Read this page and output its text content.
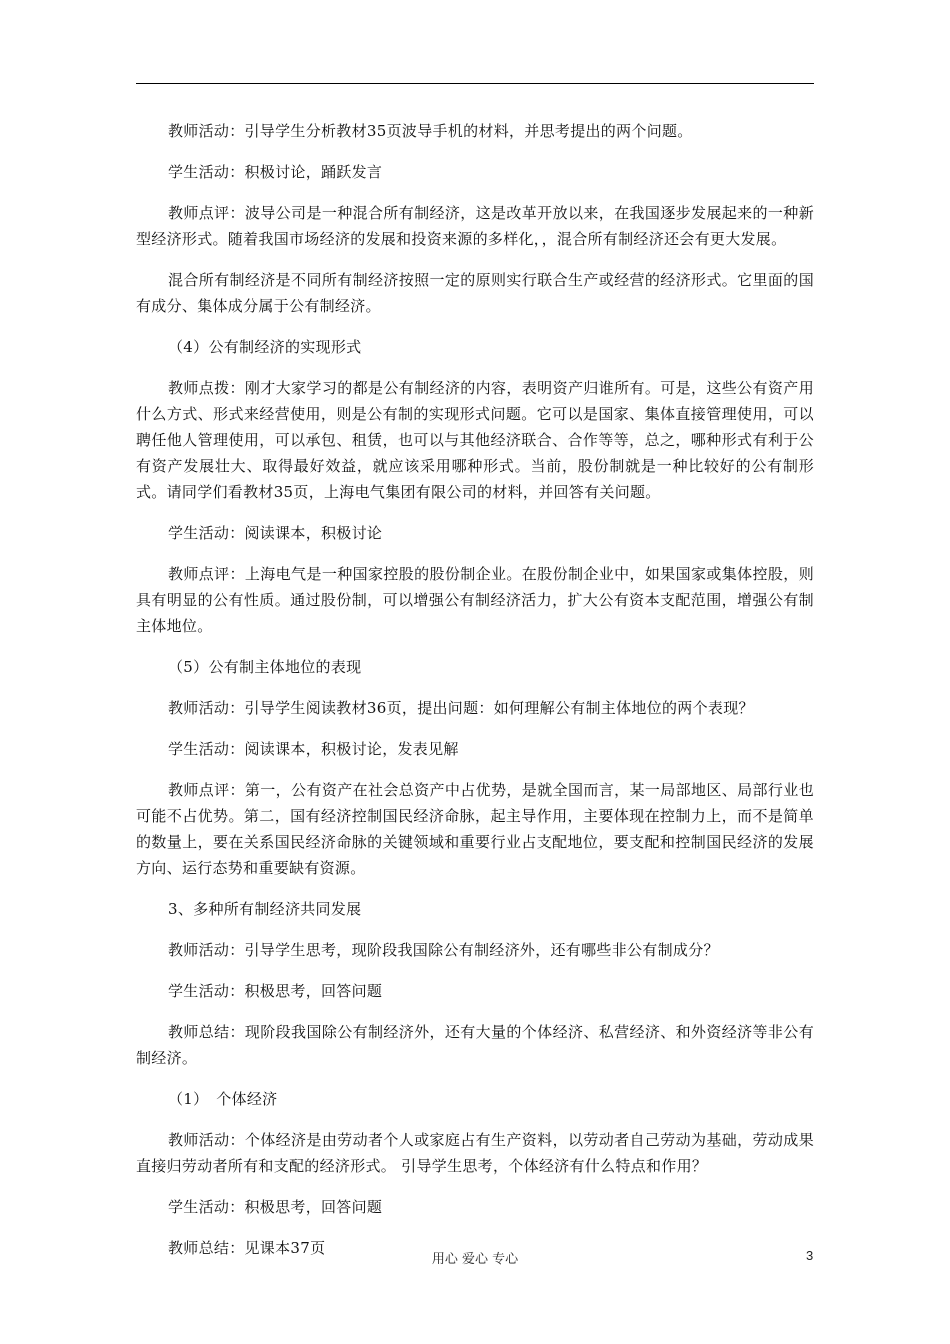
教师活动：引导学生分析教材35页波导手机的材料，并思考提出的两个问题。

学生活动：积极讨论，踊跃发言

教师点评：波导公司是一种混合所有制经济，这是改革开放以来，在我国逐步发展起来的一种新型经济形式。随着我国市场经济的发展和投资来源的多样化，，混合所有制经济还会有更大发展。

混合所有制经济是不同所有制经济按照一定的原则实行联合生产或经营的经济形式。它里面的国有成分、集体成分属于公有制经济。

（4）公有制经济的实现形式

教师点拨：刚才大家学习的都是公有制经济的内容，表明资产归谁所有。可是，这些公有资产用什么方式、形式来经营使用，则是公有制的实现形式问题。它可以是国家、集体直接管理使用，可以聘任他人管理使用，可以承包、租赁，也可以与其他经济联合、合作等等，总之，哪种形式有利于公有资产发展壮大、取得最好效益，就应该采用哪种形式。当前，股份制就是一种比较好的公有制形式。请同学们看教材35页，上海电气集团有限公司的材料，并回答有关问题。

学生活动：阅读课本，积极讨论

教师点评：上海电气是一种国家控股的股份制企业。在股份制企业中，如果国家或集体控股，则具有明显的公有性质。通过股份制，可以增强公有制经济活力，扩大公有资本支配范围，增强公有制主体地位。

（5）公有制主体地位的表现

教师活动：引导学生阅读教材36页，提出问题：如何理解公有制主体地位的两个表现？

学生活动：阅读课本，积极讨论，发表见解

教师点评：第一，公有资产在社会总资产中占优势，是就全国而言，某一局部地区、局部行业也可能不占优势。第二，国有经济控制国民经济命脉，起主导作用，主要体现在控制力上，而不是简单的数量上，要在关系国民经济命脉的关键领域和重要行业占支配地位，要支配和控制国民经济的发展方向、运行态势和重要缺有资源。

3、多种所有制经济共同发展

教师活动：引导学生思考，现阶段我国除公有制经济外，还有哪些非公有制成分？

学生活动：积极思考，回答问题

教师总结：现阶段我国除公有制经济外，还有大量的个体经济、私营经济、和外资经济等非公有制经济。

（1）　个体经济

教师活动：个体经济是由劳动者个人或家庭占有生产资料，以劳动者自己劳动为基础，劳动成果直接归劳动者所有和支配的经济形式。 引导学生思考，个体经济有什么特点和作用？

学生活动：积极思考，回答问题

教师总结：见课本37页

用心 爱心 专心	3
